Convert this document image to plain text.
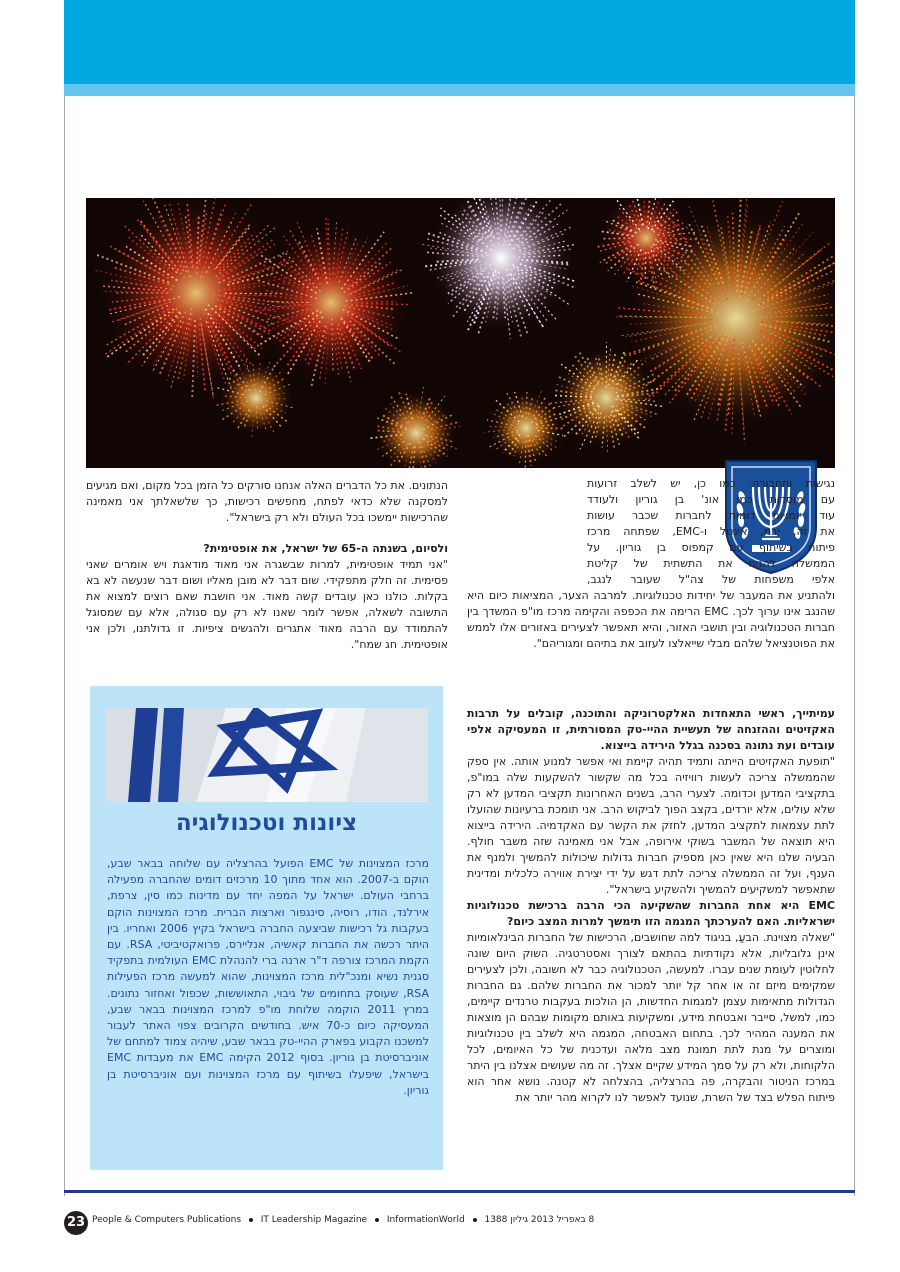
נגישות ותחבורה. כמו כן, יש לשלב זרועות

עם מוסדות כמו אונ' בן גוריון ולעודד

עוד יזמויות דומות לחברות שכבר עושות

את זה, יבמ, אינטל ו-EMC, שפתחה מרכז

פיתוח בשיתוף עם קמפוס בן גוריון. על

הממשלה להניח את התשתית של קליטת

אלפי משפחות של צה"ל שעובר לנגב,

ולהתניע את המעבר של יחידות טכנולוגיות. למרבה הצער, המציאות כיום היא שהנגב אינו ערוך לכך. EMC הרימה את הכפפה והקימה מרכז מו"פ המשדך בין חברות הטכנולוגיה ובין תושבי האזור, והיא תאפשר לצעירים באזורים אלו לממש את הפוטנציאל שלהם מבלי שייאלצו לעזוב את בתיהם ומגוריהם".

עמיתייך, ראשי התאחדות האלקטרוניקה והתוכנה, קובלים על תרבות האקזיטים וההזנחה של תעשיית ההיי-טק המסורתית, זו המעסיקה אלפי עובדים ועת נתונה בסכנה בגלל הירידה בייצוא.

"תופעת האקזיטים הייתה ותמיד תהיה קיימת ואי אפשר למנוע אותה. אין ספק שהממשלה צריכה לעשות רוויזיה בכל מה שקשור להשקעות שלה במו"פ, בתקציבי המדען וכדומה. לצערי הרב, בשנים האחרונות תקציבי המדען לא רק שלא עולים, אלא יורדים, בקצב הפוך לביקוש הרב. אני תומכת ברעיונות שהועלו לתת עצמאות לתקציב המדען, לחזק את הקשר עם האקדמיה. הירידה בייצוא היא תוצאה של המשבר בשוקי אירופה, אבל אני מאמינה שזה משבר חולף. הבעיה שלנו היא שאין כאן מספיק חברות גדולות שיכולות להמשיך ולמנף את הענף, ועל זה הממשלה צריכה לתת דגש על ידי יצירת אווירה כלכלית ומדינית שתאפשר למשקיעים להמשיך ולהשקיע בישראל".

EMC היא אחת החברות שהשקיעה הכי הרבה ברכישת טכנולוגיות ישראליות. האם להערכתך המגמה הזו תימשך למרות המצב כיום?

"שאלה מצוינת. הבעַ, בניגוד למה שחושבים, הרכישות של החברות הבינלאומיות אינן גלובליות, אלא נקודתיות בהתאם לצורך ואסטרטגיה. השוק היום שונה לחלוטין לעומת שנים עברו. למעשה, הטכנולוגיה כבר לא חשובה, ולכן לצעירים שמקימים מיזם זה או אחר קל יותר למכור את החברות שלהם. גם החברות הגדולות מתאימות עצמן למגמות החדשות, הן הולכות בעקבות טרנדים קיימים, כמו, למשל, סייבר ואבטחת מידע, ומשקיעות באותם מקומות שבהם הן מוצאות את המענה המהיר לכך. בתחום האבטחה, המגמה היא לשלב בין טכנולוגיות ומוצרים על מנת לתת תמונת מצב מלאה ועדכנית של כל האיומים, לכל הלקוחות, ולא רק על סמך המידע שקיים אצלך. זה מה שעושים אצלנו בין היתר במרכז הניטור והבקרה, פה בהרצליה, בהצלחה לא קטנה. נושא אחר הוא פיתוח הפלש בצד של השרת, שנועד לאפשר לנו לקרוא מהר יותר את

הנתונים. את כל הדברים האלה אנחנו סורקים כל הזמן בכל מקום, ואם מגיעים למסקנה שלא כדאי לפתח, מחפשים רכישות, כך שלשאלתך אני מאמינה שהרכישות יימשכו בכל העולם ולא רק בישראל".

ולסיום, בשנתה ה-65 של ישראל, את אופטימית?

"אני תמיד אופטימית, למרות שבשגרה אני מאוד מודאגת ויש אומרים שאני פסימית. זה חלק מתפקידי. שום דבר לא מובן מאליו ושום דבר שנעשה לא בא בקלות. כולנו כאן עובדים קשה מאוד. אני חושבת שאם רוצים למצוא את התשובה לשאלה, אפשר לומר שאנו לא רק עם סגולה, אלא עם שמסוגל להתמודד עם הרבה מאוד אתגרים ולהגשים ציפיות. זו גדולתנו, ולכן אני אופטימית. חג שמח".

ציונות וטכנולוגיה

מרכז המצוינות של EMC הפועל בהרצליה עם שלוחה בבאר שבע, הוקם ב-2007. הוא אחד מתוך 10 מרכזים דומים שהחברה מפעילה ברחבי העולם. ישראל על המפה יחד עם מדינות כמו סין, צרפת, אירלנד, הודו, רוסיה, סינגפור וארצות הברית. מרכז המצוינות הוקם בעקבות גל רכישות שביצעה החברה בישראל בקיץ 2006 ואחריו. בין היתר רכשה את החברות קאשיה, אנליירס, פרואקטיביטי, RSA. עם הקמת המרכז צורפה ד"ר ארנה ברי להנהלת EMC העולמית בתפקיד סגנית נשיא ומנכ"לית מרכז המצוינות, שהוא למעשה מרכז הפעילות RSA, שעוסק בתחומים של גיבוי, התאוששות, שכפול ואחזור נתונים. במרץ 2011 הוקמה שלוחת מו"פ למרכז המצוינות בבאר שבע, המעסיקה כיום כ-70 איש. בחודשים הקרובים צפוי האתר לעבור למשכנו הקבוע בפארק ההיי-טק בבאר שבע, שיהיה צמוד למתחם של אוניברסיטת בן גוריון. בסוף 2012 הקימה EMC את מעבדות EMC בישראל, שיפעלו בשיתוף עם מרכז המצוינות ועם אוניברסיטת בן גוריון.

23 People & Computers Publications IT Leadership Magazine InformationWorld 8 באפריל 2013 גיליון 1388
